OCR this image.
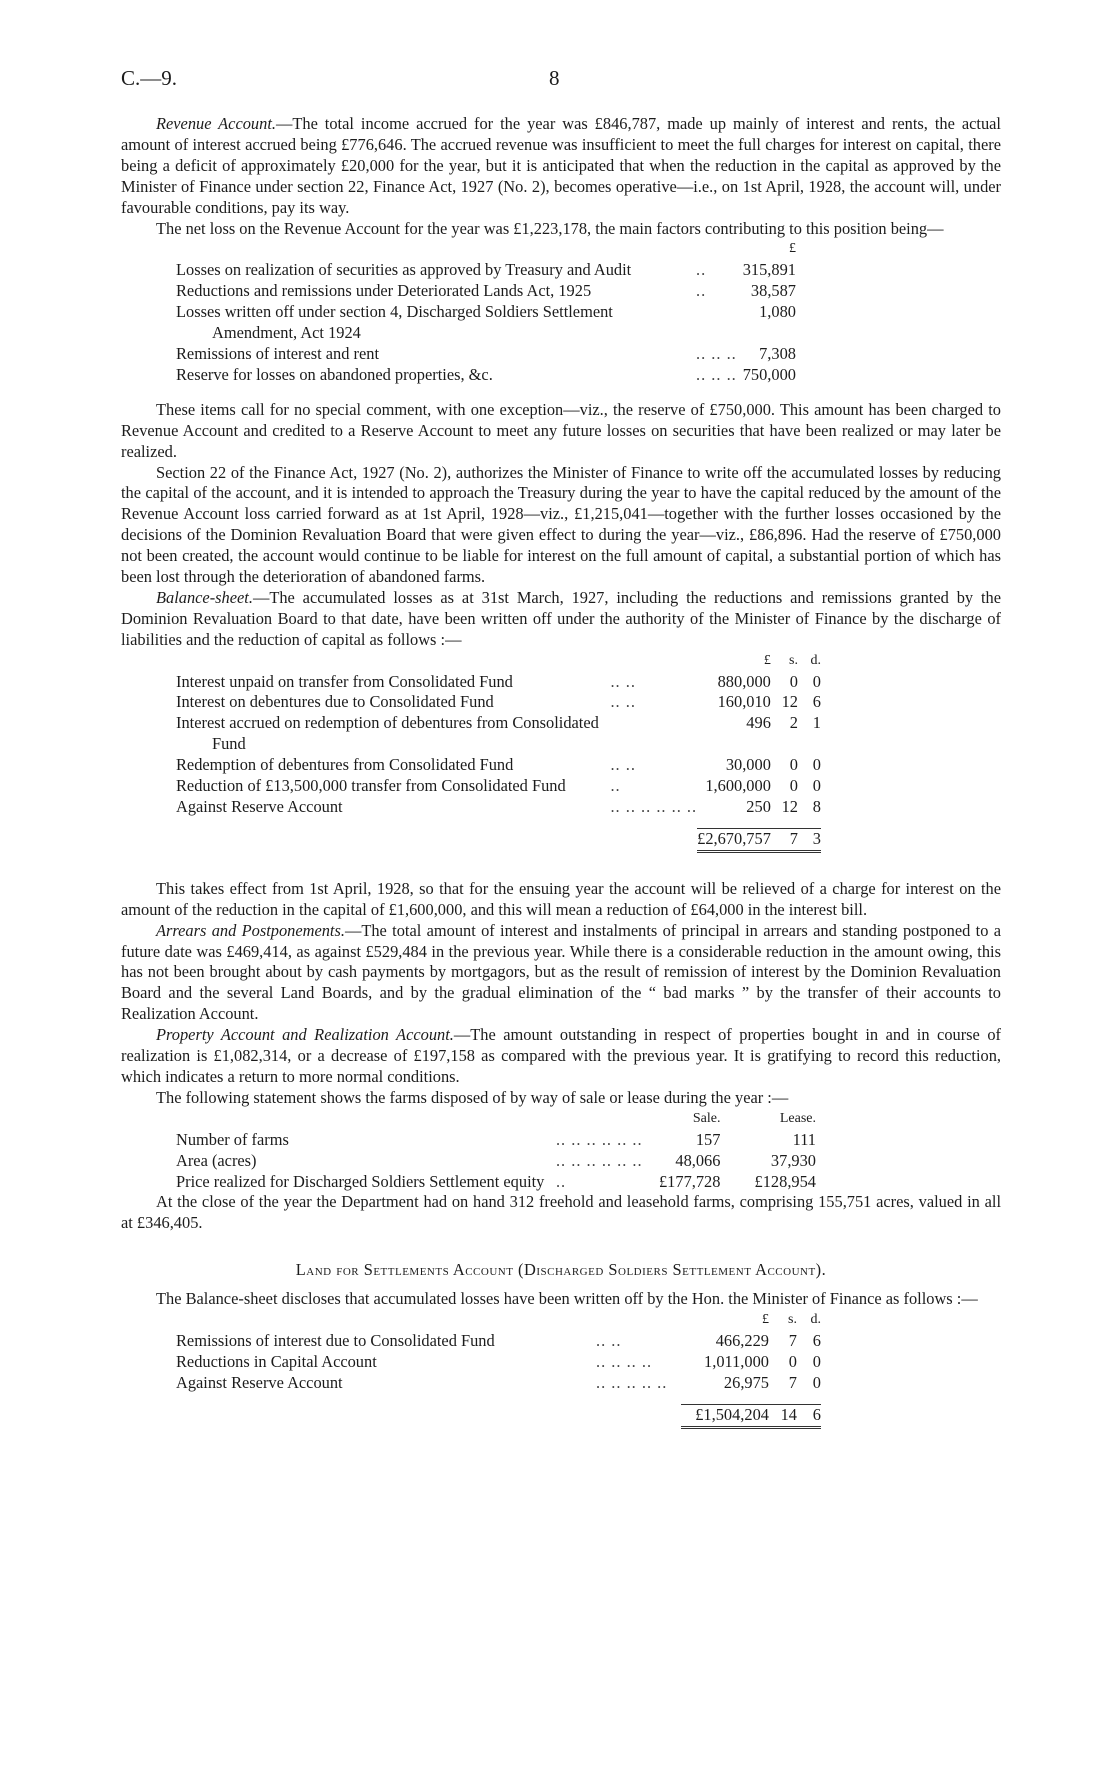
C.—9.	8

Revenue Account.—The total income accrued for the year was £846,787, made up mainly of interest and rents, the actual amount of interest accrued being £776,646. The accrued revenue was insufficient to meet the full charges for interest on capital, there being a deficit of approximately £20,000 for the year, but it is anticipated that when the reduction in the capital as approved by the Minister of Finance under section 22, Finance Act, 1927 (No. 2), becomes operative—i.e., on 1st April, 1928, the account will, under favourable conditions, pay its way.

The net loss on the Revenue Account for the year was £1,223,178, the main factors contributing to this position being—

		£
Losses on realization of securities as approved by Treasury and Audit	..	315,891
Reductions and remissions under Deteriorated Lands Act, 1925	..	38,587
Losses written off under section 4, Discharged Soldiers Settlement Amendment, Act 1924		1,080
Remissions of interest and rent	.. .. ..	7,308
Reserve for losses on abandoned properties, &c.	.. .. ..	750,000

These items call for no special comment, with one exception—viz., the reserve of £750,000. This amount has been charged to Revenue Account and credited to a Reserve Account to meet any future losses on securities that have been realized or may later be realized.

Section 22 of the Finance Act, 1927 (No. 2), authorizes the Minister of Finance to write off the accumulated losses by reducing the capital of the account, and it is intended to approach the Treasury during the year to have the capital reduced by the amount of the Revenue Account loss carried forward as at 1st April, 1928—viz., £1,215,041—together with the further losses occasioned by the decisions of the Dominion Revaluation Board that were given effect to during the year—viz., £86,896. Had the reserve of £750,000 not been created, the account would continue to be liable for interest on the full amount of capital, a substantial portion of which has been lost through the deterioration of abandoned farms.

Balance-sheet.—The accumulated losses as at 31st March, 1927, including the reductions and remissions granted by the Dominion Revaluation Board to that date, have been written off under the authority of the Minister of Finance by the discharge of liabilities and the reduction of capital as follows :—

		£	s.	d.
Interest unpaid on transfer from Consolidated Fund	.. ..	880,000	0	0
Interest on debentures due to Consolidated Fund	.. ..	160,010	12	6
Interest accrued on redemption of debentures from Consolidated Fund		496	2	1
Redemption of debentures from Consolidated Fund	.. ..	30,000	0	0
Reduction of £13,500,000 transfer from Consolidated Fund	..	1,600,000	0	0
Against Reserve Account	.. .. .. .. .. ..	250	12	8

		£2,670,757	7	3

This takes effect from 1st April, 1928, so that for the ensuing year the account will be relieved of a charge for interest on the amount of the reduction in the capital of £1,600,000, and this will mean a reduction of £64,000 in the interest bill.

Arrears and Postponements.—The total amount of interest and instalments of principal in arrears and standing postponed to a future date was £469,414, as against £529,484 in the previous year. While there is a considerable reduction in the amount owing, this has not been brought about by cash payments by mortgagors, but as the result of remission of interest by the Dominion Revaluation Board and the several Land Boards, and by the gradual elimination of the “ bad marks ” by the transfer of their accounts to Realization Account.

Property Account and Realization Account.—The amount outstanding in respect of properties bought in and in course of realization is £1,082,314, or a decrease of £197,158 as compared with the previous year. It is gratifying to record this reduction, which indicates a return to more normal conditions.

The following statement shows the farms disposed of by way of sale or lease during the year :—

		Sale.	Lease.
Number of farms	.. .. .. .. .. ..	157	111
Area (acres)	.. .. .. .. .. ..	48,066	37,930
Price realized for Discharged Soldiers Settlement equity	..	£177,728	£128,954

At the close of the year the Department had on hand 312 freehold and leasehold farms, comprising 155,751 acres, valued in all at £346,405.

Land for Settlements Account (Discharged Soldiers Settlement Account).

The Balance-sheet discloses that accumulated losses have been written off by the Hon. the Minister of Finance as follows :—

		£	s.	d.
Remissions of interest due to Consolidated Fund	.. ..	466,229	7	6
Reductions in Capital Account	.. .. .. ..	1,011,000	0	0
Against Reserve Account	.. .. .. .. ..	26,975	7	0

		£1,504,204	14	6
